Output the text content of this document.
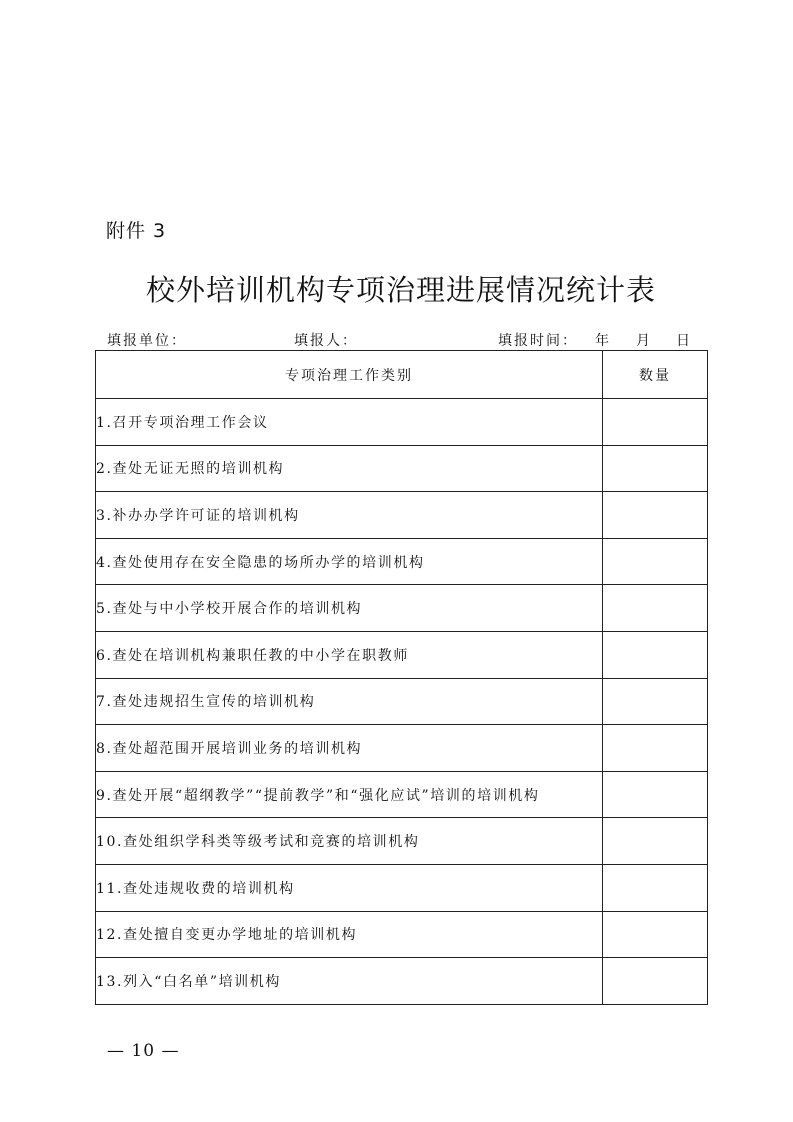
附件 3
校外培训机构专项治理进展情况统计表
填报单位：	填报人：	填报时间： 年 月 日
专项治理工作类别	数量
1.召开专项治理工作会议	
2.查处无证无照的培训机构	
3.补办办学许可证的培训机构	
4.查处使用存在安全隐患的场所办学的培训机构	
5.查处与中小学校开展合作的培训机构	
6.查处在培训机构兼职任教的中小学在职教师	
7.查处违规招生宣传的培训机构	
8.查处超范围开展培训业务的培训机构	
9.查处开展“超纲教学”“提前教学”和“强化应试”培训的培训机构	
10.查处组织学科类等级考试和竞赛的培训机构	
11.查处违规收费的培训机构	
12.查处擅自变更办学地址的培训机构	
13.列入“白名单”培训机构	
— 10 —
